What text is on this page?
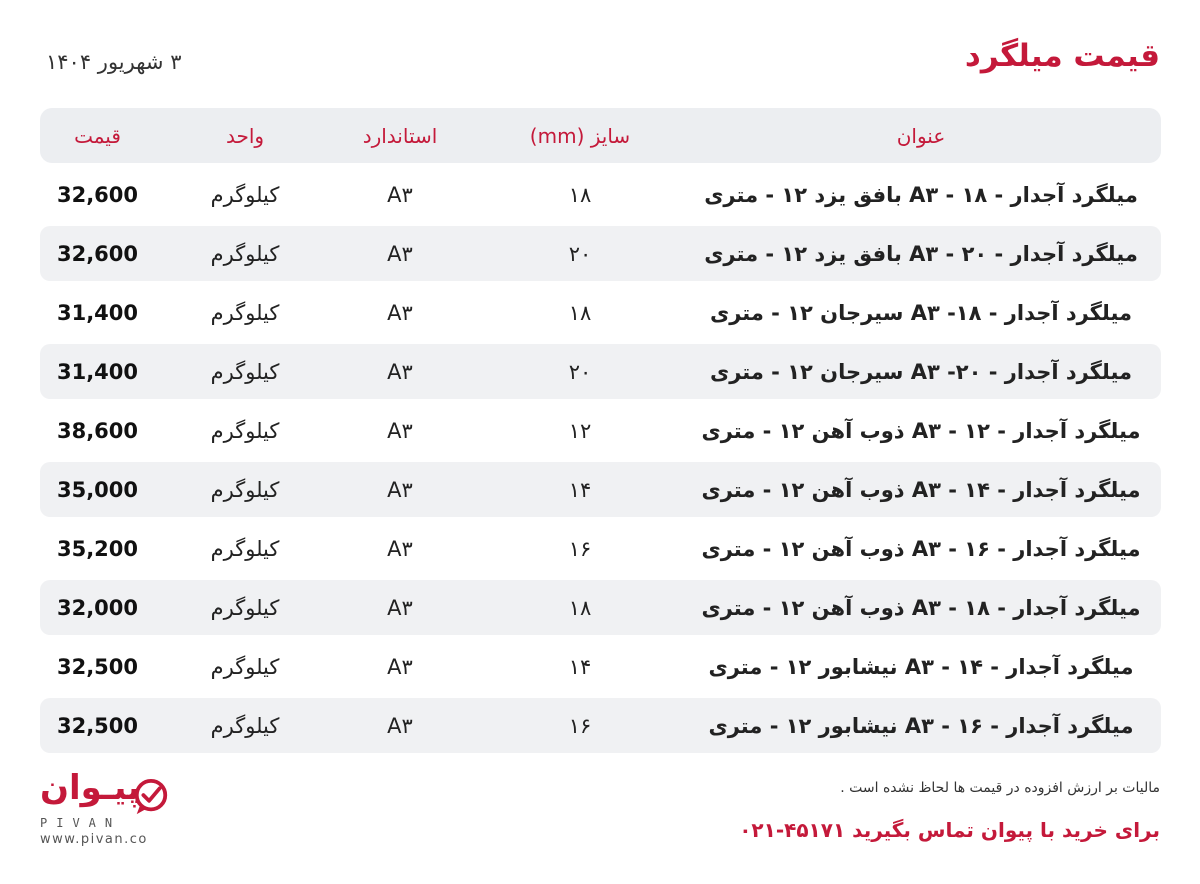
قیمت میلگرد
۳ شهریور ۱۴۰۴
عنوان
سایز (mm)
استاندارد
واحد
قیمت
میلگرد آجدار - A۳ - ۱۸ بافق یزد ۱۲ - متری
۱۸
A۳
کیلوگرم
32,600
میلگرد آجدار - A۳ - ۲۰ بافق یزد ۱۲ - متری
۲۰
A۳
کیلوگرم
32,600
میلگرد آجدار - A۳ -۱۸ سیرجان ۱۲ - متری
۱۸
A۳
کیلوگرم
31,400
میلگرد آجدار - A۳ -۲۰ سیرجان ۱۲ - متری
۲۰
A۳
کیلوگرم
31,400
میلگرد آجدار - A۳ - ۱۲ ذوب آهن ۱۲ - متری
۱۲
A۳
کیلوگرم
38,600
میلگرد آجدار - A۳ - ۱۴ ذوب آهن ۱۲ - متری
۱۴
A۳
کیلوگرم
35,000
میلگرد آجدار - A۳ - ۱۶ ذوب آهن ۱۲ - متری
۱۶
A۳
کیلوگرم
35,200
میلگرد آجدار - A۳ - ۱۸ ذوب آهن ۱۲ - متری
۱۸
A۳
کیلوگرم
32,000
میلگرد آجدار - A۳ - ۱۴ نیشابور ۱۲ - متری
۱۴
A۳
کیلوگرم
32,500
میلگرد آجدار - A۳ - ۱۶ نیشابور ۱۲ - متری
۱۶
A۳
کیلوگرم
32,500
مالیات بر ارزش افزوده در قیمت ها لحاظ نشده است .
برای خرید با پیوان تماس بگیرید ۴۵۱۷۱-۰۲۱
پیـوان
PIVAN
www.pivan.co
